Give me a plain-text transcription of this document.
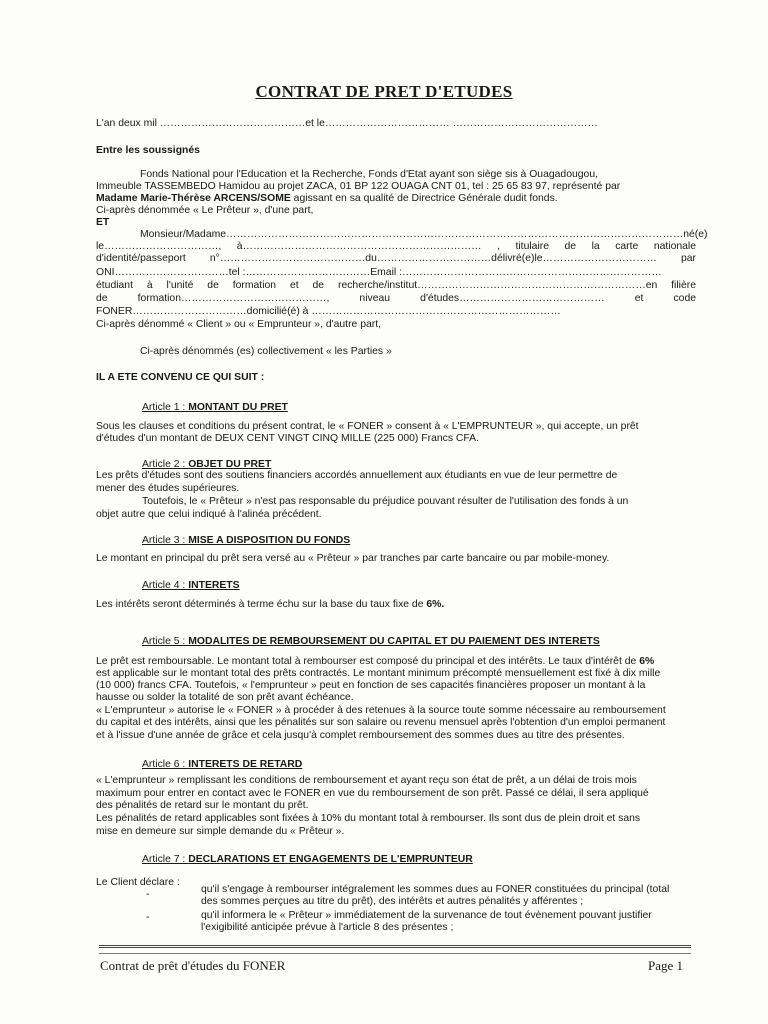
CONTRAT DE PRET D'ETUDES
L'an deux mil ……………………………………et le……………………………… ……………………………………
Entre les soussignés
Fonds National pour l'Education et la Recherche, Fonds d'Etat ayant son siège sis à Ouagadougou,
Immeuble TASSEMBEDO Hamidou au projet ZACA, 01 BP 122 OUAGA CNT 01, tel : 25 65 83 97, représenté par
Madame Marie-Thérèse ARCENS/SOME agissant en sa qualité de Directrice Générale dudit fonds.
Ci-après dénommée « Le Prêteur », d'une part,
ET
Monsieur/Madame……………………………………………………………………………………………………………………né(e)
le……………………………, à…………………………………………………………… , titulaire de la carte nationale
d'identité/passeport n°……………………………………du……………………………délivré(e)le…………………………… par
ONI……………………………tel :………………………………Email :…………………………………………………………………
étudiant à l'unité de formation et de recherche/institut…………………………………………………………en filière
de formation……………………………………, niveau d'études…………………………………… et code
FONER……………………………domicilié(é) à ………………………………………………………………
Ci-après dénommé « Client » ou « Emprunteur », d'autre part,
Ci-après dénommés (es) collectivement « les Parties »
IL A ETE CONVENU CE QUI SUIT :
Article 1 : MONTANT DU PRET
Sous les clauses et conditions du présent contrat, le « FONER » consent à « L'EMPRUNTEUR », qui accepte, un prêt
d'études d'un montant de DEUX CENT VINGT CINQ MILLE (225 000) Francs CFA.
Article 2 : OBJET DU PRET
Les prêts d'études sont des soutiens financiers accordés annuellement aux étudiants en vue de leur permettre de
mener des études supérieures.
Toutefois, le « Prêteur » n'est pas responsable du préjudice pouvant résulter de l'utilisation des fonds à un
objet autre que celui indiqué à l'alinéa précédent.
Article 3 : MISE A DISPOSITION DU FONDS
Le montant en principal du prêt sera versé au « Prêteur » par tranches par carte bancaire ou par mobile-money.
Article 4 : INTERETS
Les intérêts seront déterminés à terme échu sur la base du taux fixe de 6%.
Article 5 : MODALITES DE REMBOURSEMENT DU CAPITAL ET DU PAIEMENT DES INTERETS
Le prêt est remboursable. Le montant total à rembourser est composé du principal et des intérêts. Le taux d'intérêt de 6%
est applicable sur le montant total des prêts contractés. Le montant minimum précompté mensuellement est fixé à dix mille
(10 000) francs CFA. Toutefois, « l'emprunteur » peut en fonction de ses capacités financières proposer un montant à la
hausse ou solder la totalité de son prêt avant échéance.
« L'emprunteur » autorise le « FONER » à procéder à des retenues à la source toute somme nécessaire au remboursement
du capital et des intérêts, ainsi que les pénalités sur son salaire ou revenu mensuel après l'obtention d'un emploi permanent
et à l'issue d'une année de grâce et cela jusqu'à complet remboursement des sommes dues au titre des présentes.
Article 6 : INTERETS DE RETARD
« L'emprunteur » remplissant les conditions de remboursement et ayant reçu son état de prêt, a un délai de trois mois
maximum pour entrer en contact avec le FONER en vue du remboursement de son prêt. Passé ce délai, il sera appliqué
des pénalités de retard sur le montant du prêt.
Les pénalités de retard applicables sont fixées à 10% du montant total à rembourser. Ils sont dus de plein droit et sans
mise en demeure sur simple demande du « Prêteur ».
Article 7 : DECLARATIONS ET ENGAGEMENTS DE L'EMPRUNTEUR
Le Client déclare :
-	qu'il s'engage à rembourser intégralement les sommes dues au FONER constituées du principal (total
des sommes perçues au titre du prêt), des intérêts et autres pénalités y afférentes ;
-	qu'il informera le « Prêteur » immédiatement de la survenance de tout évènement pouvant justifier
l'exigibilité anticipée prévue à l'article 8 des présentes ;
Contrat de prêt d'études du FONER	Page 1
